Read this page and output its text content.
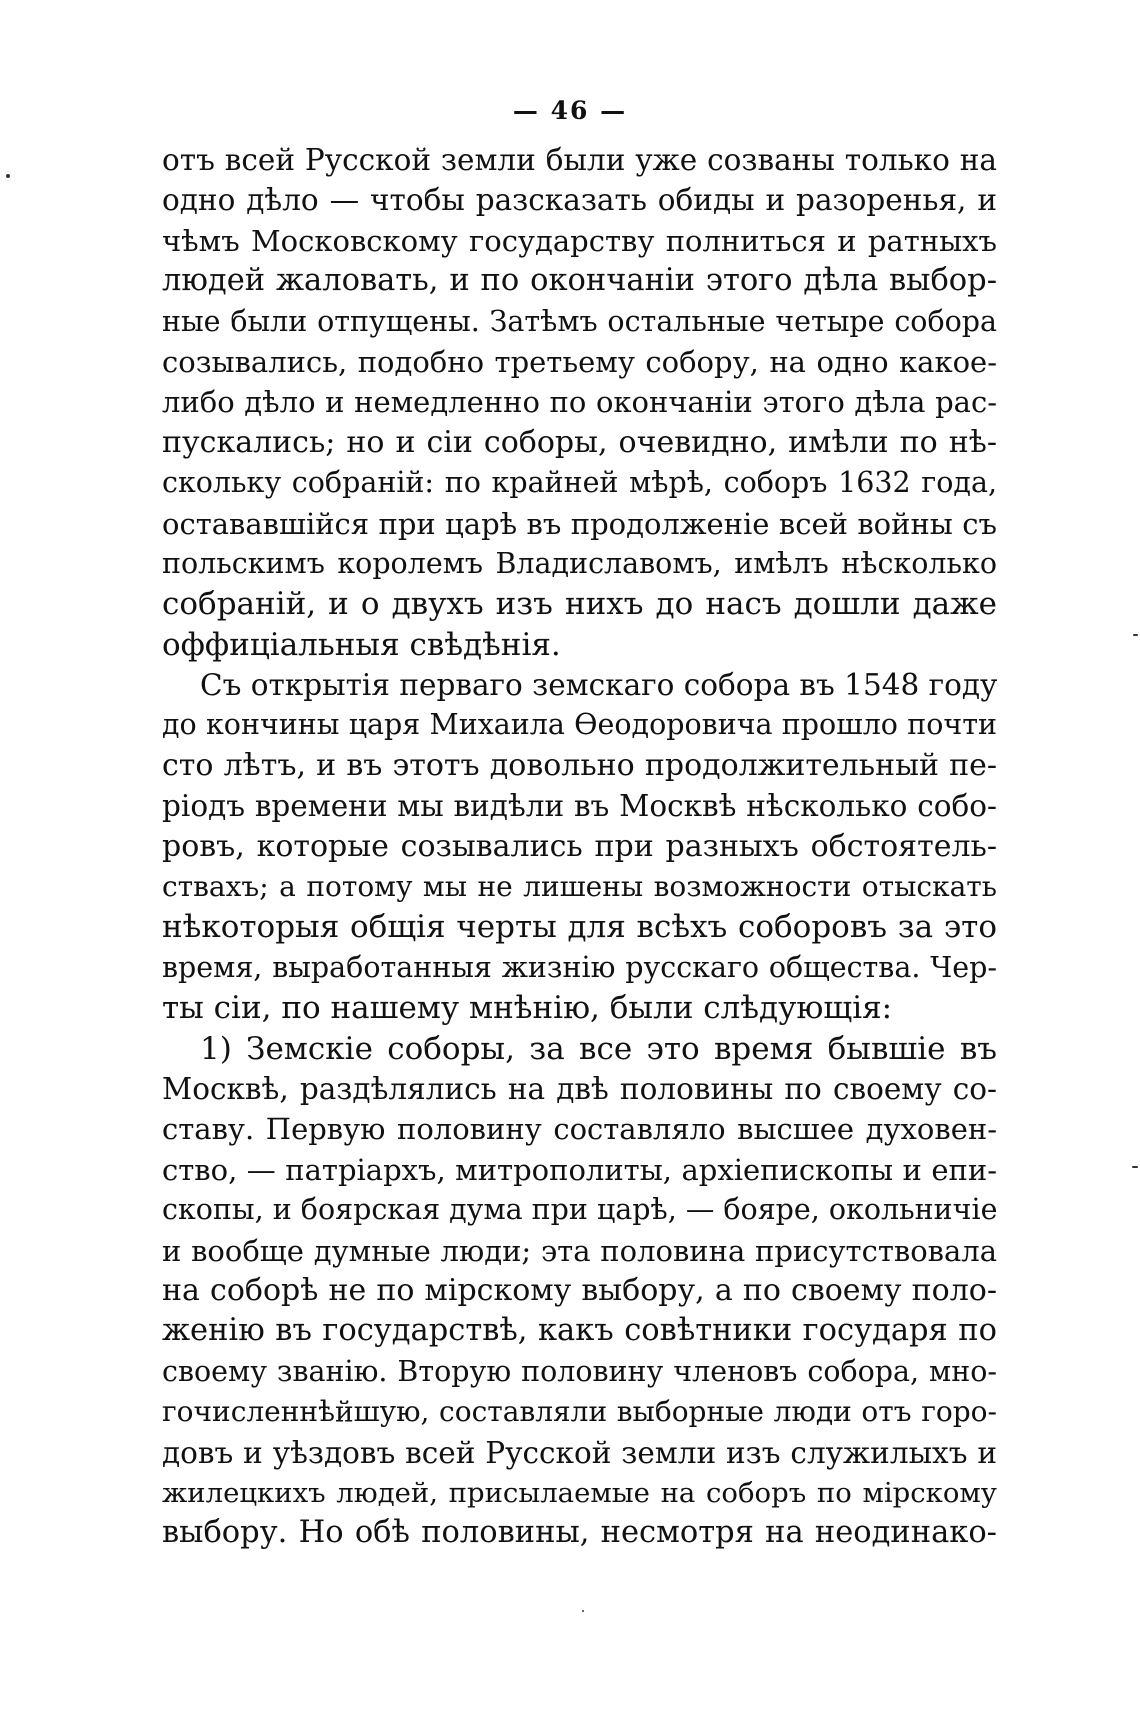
— 46 —
отъ всей Русской земли были уже созваны только на
одно дѣло — чтобы разсказать обиды и разоренья, и
чѣмъ Московскому государству полниться и ратныхъ
людей жаловать, и по окончаніи этого дѣла выбор-
ные были отпущены. Затѣмъ остальные четыре собора
созывались, подобно третьему собору, на одно какое-
либо дѣло и немедленно по окончаніи этого дѣла рас-
пускались; но и сіи соборы, очевидно, имѣли по нѣ-
скольку собраній: по крайней мѣрѣ, соборъ 1632 года,
остававшійся при царѣ въ продолженіе всей войны съ
польскимъ королемъ Владиславомъ, имѣлъ нѣсколько
собраній, и о двухъ изъ нихъ до насъ дошли даже
оффиціальныя свѣдѣнія.
Съ открытія перваго земскаго собора въ 1548 году
до кончины царя Михаила Ѳеодоровича прошло почти
сто лѣтъ, и въ этотъ довольно продолжительный пе-
ріодъ времени мы видѣли въ Москвѣ нѣсколько собо-
ровъ, которые созывались при разныхъ обстоятель-
ствахъ; а потому мы не лишены возможности отыскать
нѣкоторыя общія черты для всѣхъ соборовъ за это
время, выработанныя жизнію русскаго общества. Чер-
ты сіи, по нашему мнѣнію, были слѣдующія:
1) Земскіе соборы, за все это время бывшіе въ
Москвѣ, раздѣлялись на двѣ половины по своему со-
ставу. Первую половину составляло высшее духовен-
ство, — патріархъ, митрополиты, архіепископы и епи-
скопы, и боярская дума при царѣ, — бояре, окольничіе
и вообще думные люди; эта половина присутствовала
на соборѣ не по мірскому выбору, а по своему поло-
женію въ государствѣ, какъ совѣтники государя по
своему званію. Вторую половину членовъ собора, мно-
гочисленнѣйшую, составляли выборные люди отъ горо-
довъ и уѣздовъ всей Русской земли изъ служилыхъ и
жилецкихъ людей, присылаемые на соборъ по мірскому
выбору. Но обѣ половины, несмотря на неодинако-
